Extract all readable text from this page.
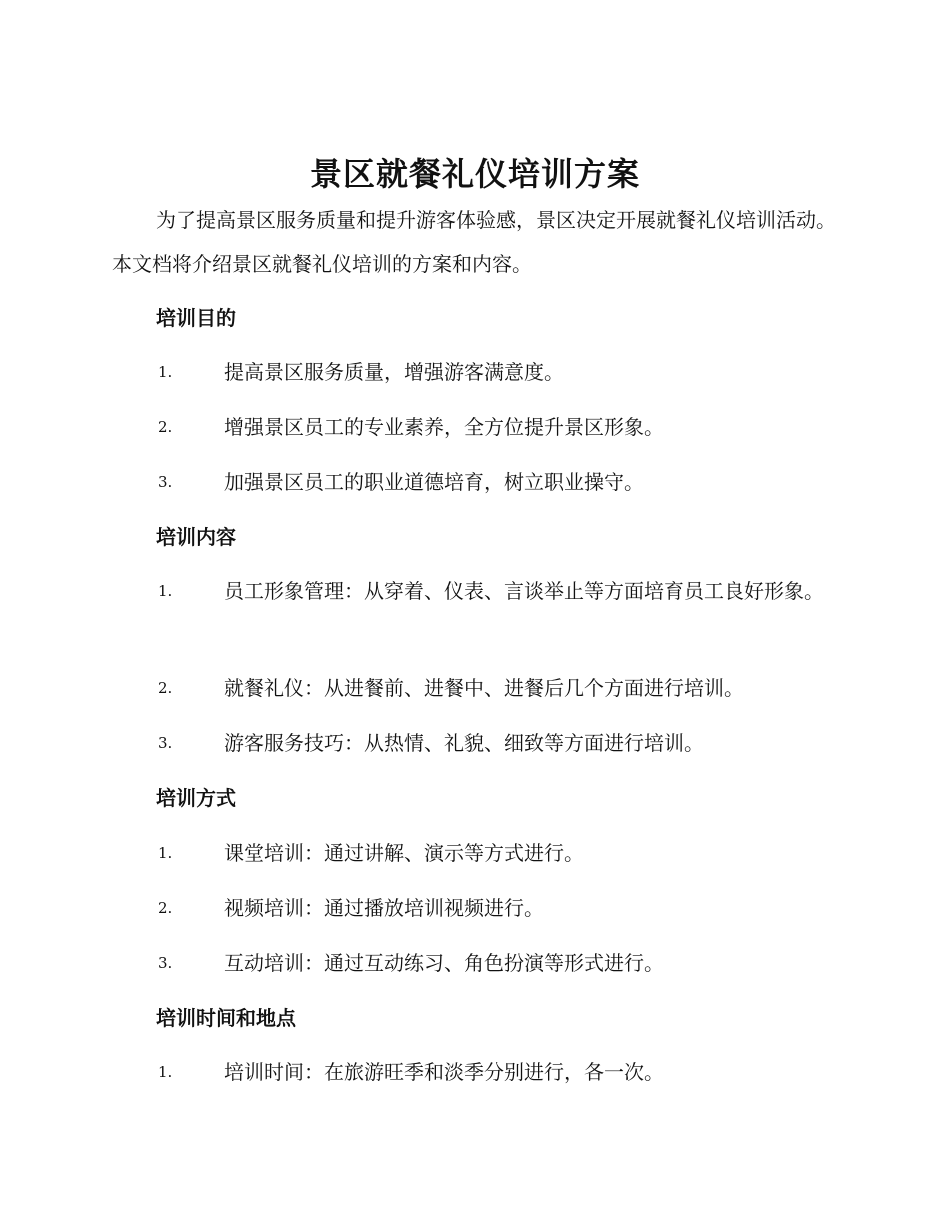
景区就餐礼仪培训方案
为了提高景区服务质量和提升游客体验感，景区决定开展就餐礼仪培训活动。本文档将介绍景区就餐礼仪培训的方案和内容。
培训目的
1.	提高景区服务质量，增强游客满意度。
2.	增强景区员工的专业素养，全方位提升景区形象。
3.	加强景区员工的职业道德培育，树立职业操守。
培训内容
1.	员工形象管理：从穿着、仪表、言谈举止等方面培育员工良好形象。
2.	就餐礼仪：从进餐前、进餐中、进餐后几个方面进行培训。
3.	游客服务技巧：从热情、礼貌、细致等方面进行培训。
培训方式
1.	课堂培训：通过讲解、演示等方式进行。
2.	视频培训：通过播放培训视频进行。
3.	互动培训：通过互动练习、角色扮演等形式进行。
培训时间和地点
1.	培训时间：在旅游旺季和淡季分别进行，各一次。
